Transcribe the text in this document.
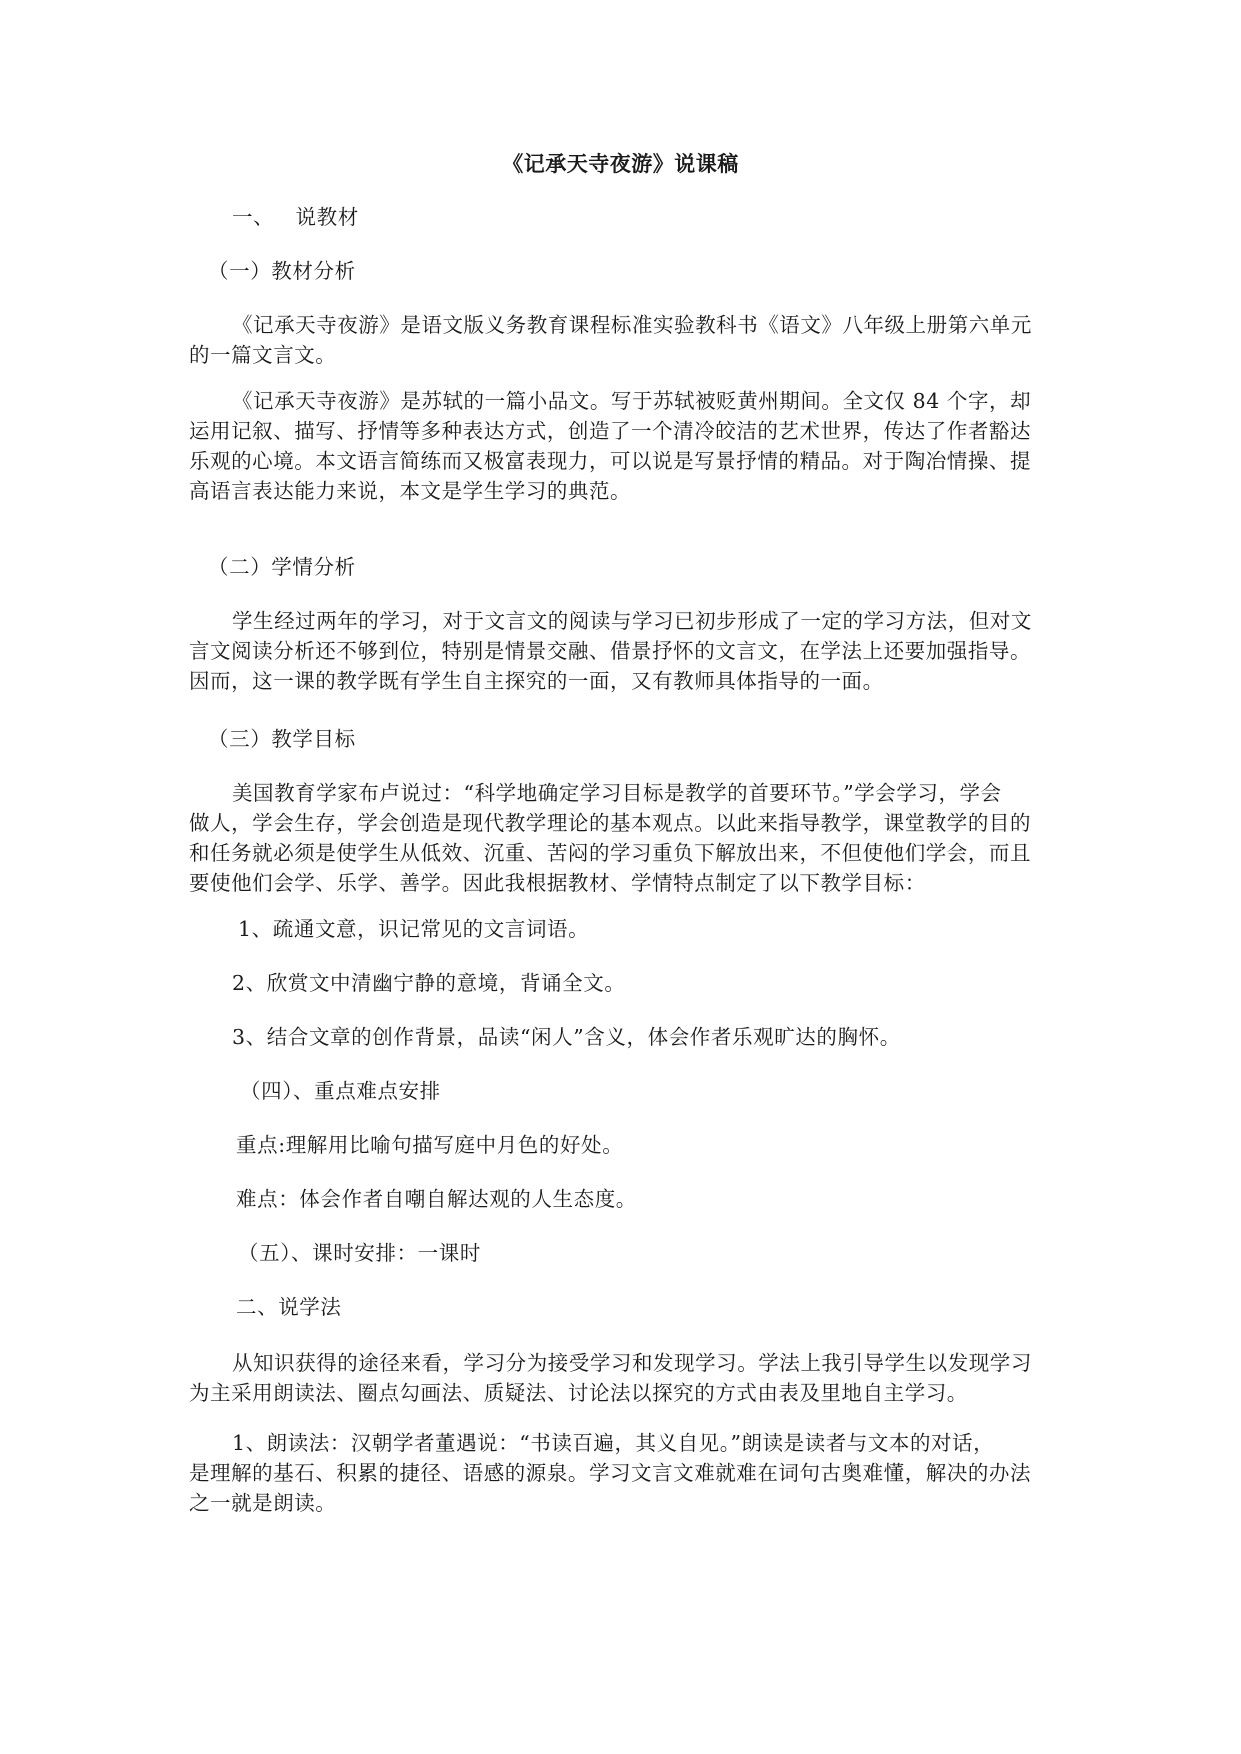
《记承天寺夜游》说课稿
一、   说教材
（一）教材分析
《记承天寺夜游》是语文版义务教育课程标准实验教科书《语文》八年级上册第六单元
的一篇文言文。
《记承天寺夜游》是苏轼的一篇小品文。写于苏轼被贬黄州期间。全文仅 84 个字，却
运用记叙、描写、抒情等多种表达方式，创造了一个清冷皎洁的艺术世界，传达了作者豁达
乐观的心境。本文语言简练而又极富表现力，可以说是写景抒情的精品。对于陶冶情操、提
高语言表达能力来说，本文是学生学习的典范。
（二）学情分析
学生经过两年的学习，对于文言文的阅读与学习已初步形成了一定的学习方法，但对文
言文阅读分析还不够到位，特别是情景交融、借景抒怀的文言文，在学法上还要加强指导。
因而，这一课的教学既有学生自主探究的一面，又有教师具体指导的一面。
（三）教学目标
美国教育学家布卢说过：“科学地确定学习目标是教学的首要环节。”学会学习，学会
做人，学会生存，学会创造是现代教学理论的基本观点。以此来指导教学，课堂教学的目的
和任务就必须是使学生从低效、沉重、苦闷的学习重负下解放出来，不但使他们学会，而且
要使他们会学、乐学、善学。因此我根据教材、学情特点制定了以下教学目标：
1、疏通文意，识记常见的文言词语。
2、欣赏文中清幽宁静的意境，背诵全文。
3、结合文章的创作背景，品读“闲人”含义，体会作者乐观旷达的胸怀。
（四）、重点难点安排
重点:理解用比喻句描写庭中月色的好处。
难点：体会作者自嘲自解达观的人生态度。
（五）、课时安排：一课时
二、说学法
从知识获得的途径来看，学习分为接受学习和发现学习。学法上我引导学生以发现学习
为主采用朗读法、圈点勾画法、质疑法、讨论法以探究的方式由表及里地自主学习。
1、朗读法：汉朝学者董遇说：“书读百遍，其义自见。”朗读是读者与文本的对话，
是理解的基石、积累的捷径、语感的源泉。学习文言文难就难在词句古奥难懂，解决的办法
之一就是朗读。
